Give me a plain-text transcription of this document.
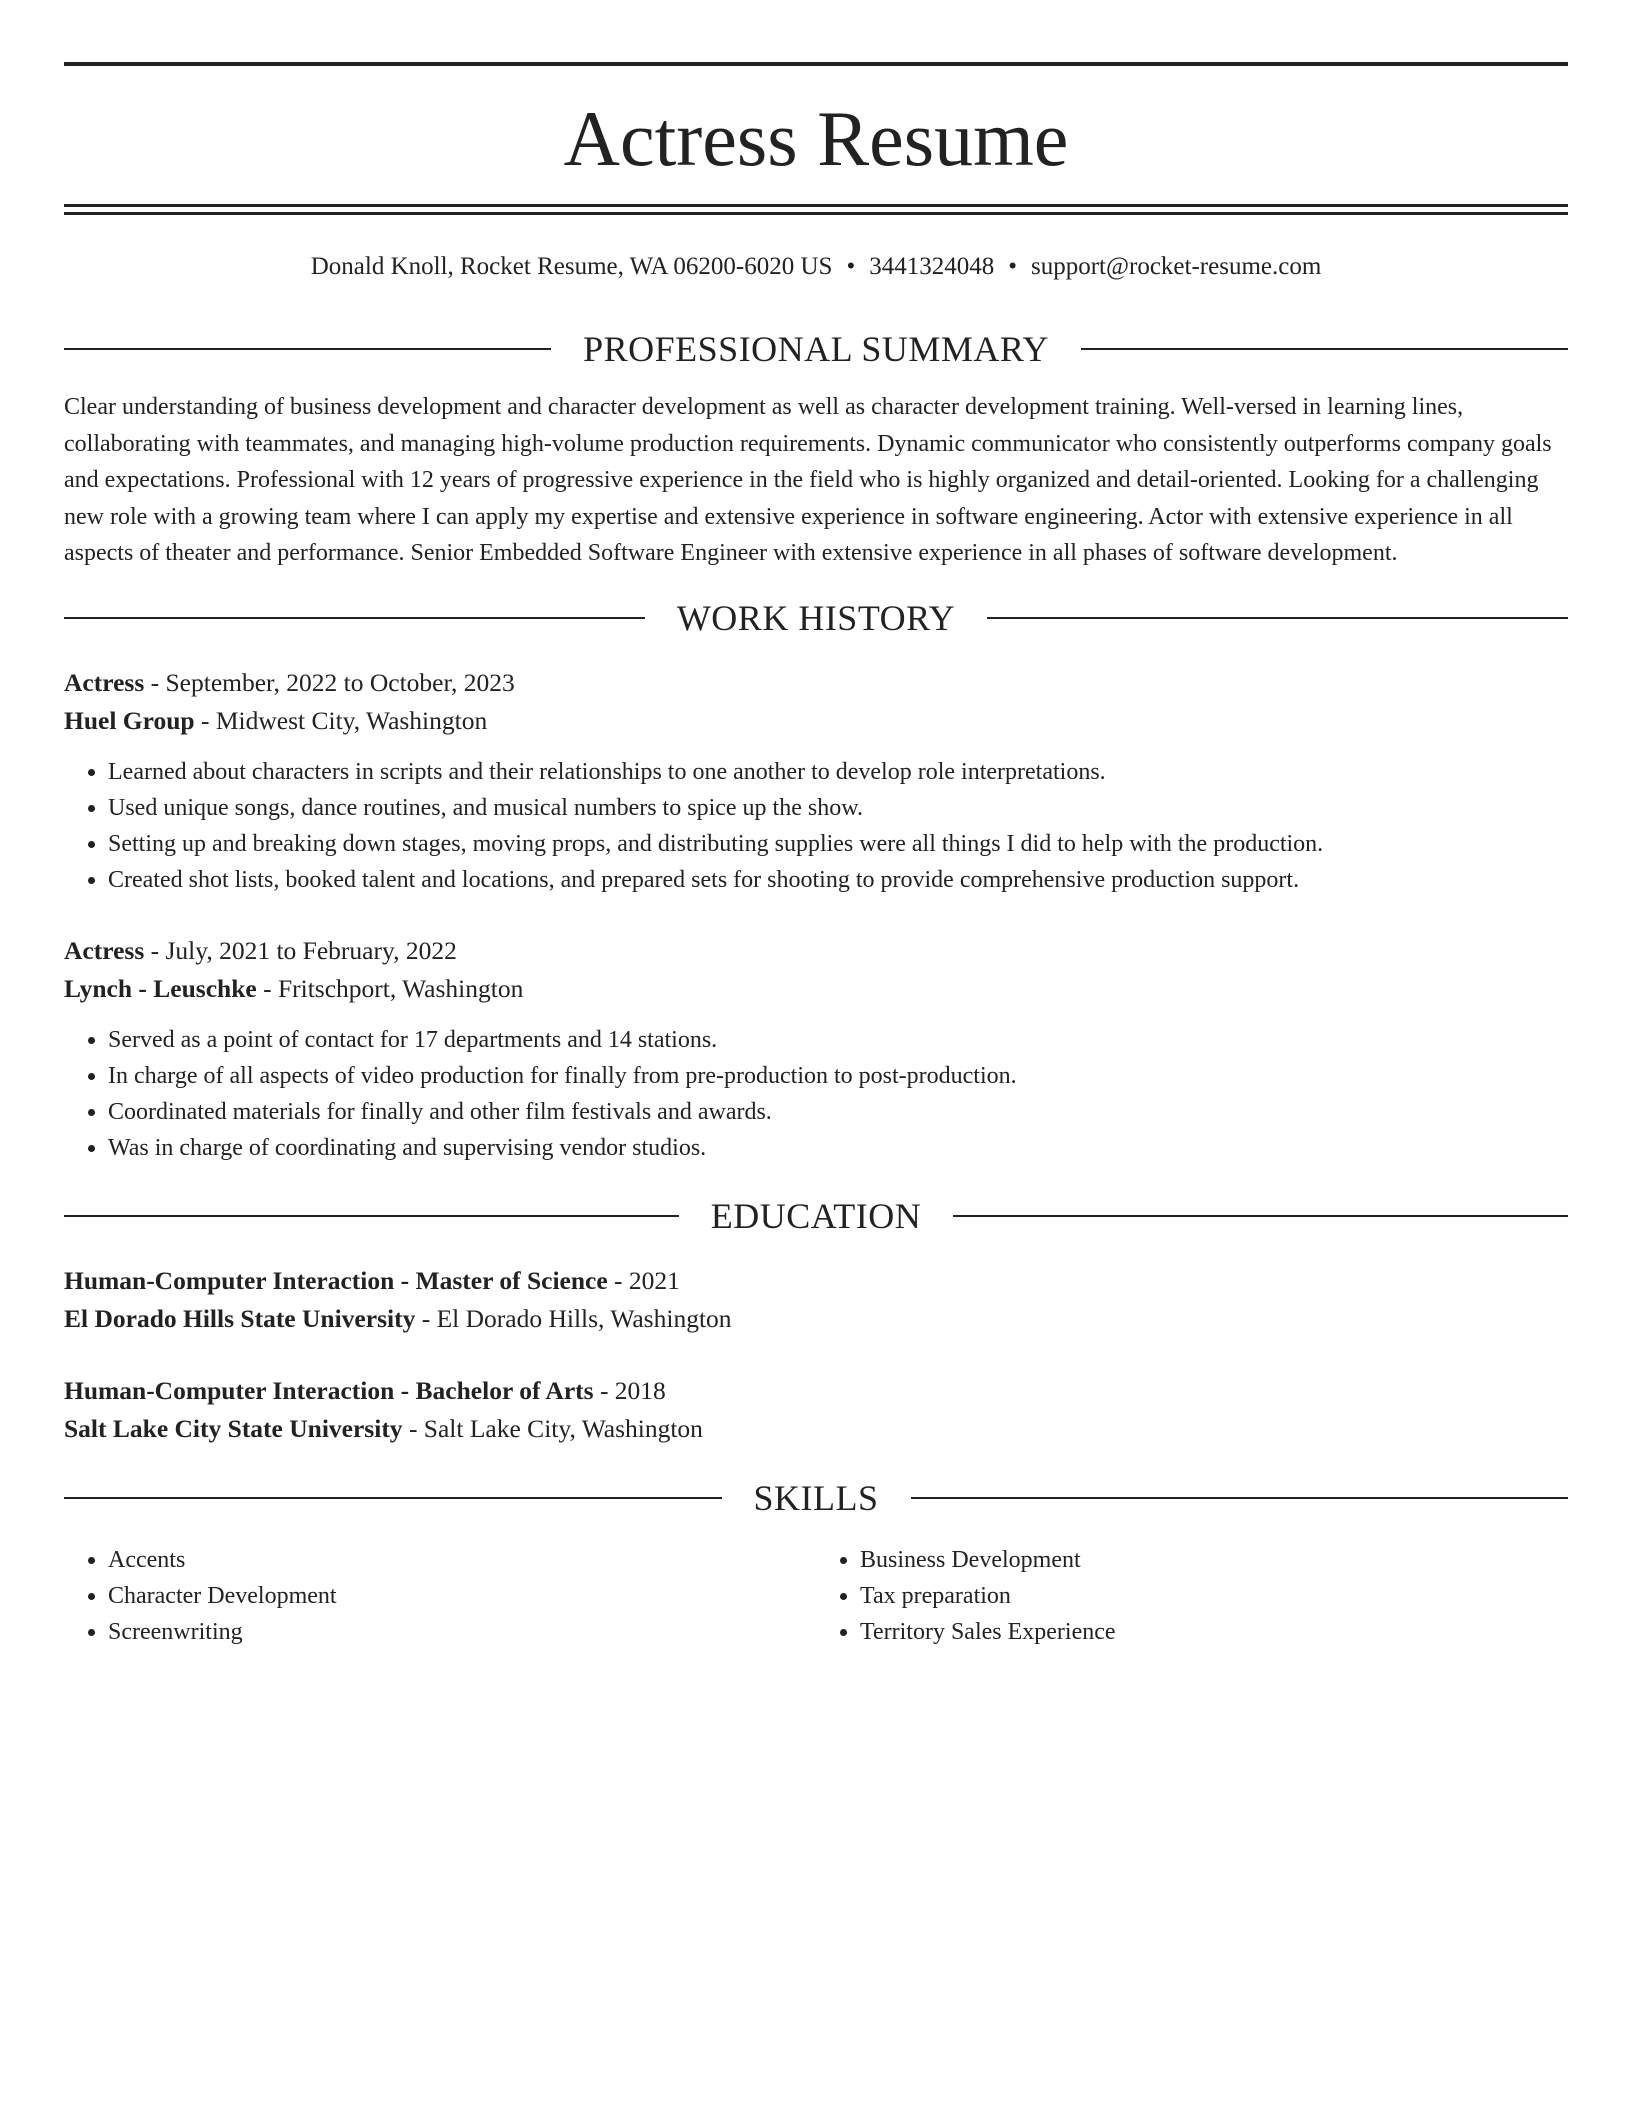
Actress Resume
Donald Knoll, Rocket Resume, WA 06200-6020 US • 3441324048 • support@rocket-resume.com
PROFESSIONAL SUMMARY
Clear understanding of business development and character development as well as character development training. Well-versed in learning lines, collaborating with teammates, and managing high-volume production requirements. Dynamic communicator who consistently outperforms company goals and expectations. Professional with 12 years of progressive experience in the field who is highly organized and detail-oriented. Looking for a challenging new role with a growing team where I can apply my expertise and extensive experience in software engineering. Actor with extensive experience in all aspects of theater and performance. Senior Embedded Software Engineer with extensive experience in all phases of software development.
WORK HISTORY
Actress - September, 2022 to October, 2023
Huel Group - Midwest City, Washington
• Learned about characters in scripts and their relationships to one another to develop role interpretations.
• Used unique songs, dance routines, and musical numbers to spice up the show.
• Setting up and breaking down stages, moving props, and distributing supplies were all things I did to help with the production.
• Created shot lists, booked talent and locations, and prepared sets for shooting to provide comprehensive production support.
Actress - July, 2021 to February, 2022
Lynch - Leuschke - Fritschport, Washington
• Served as a point of contact for 17 departments and 14 stations.
• In charge of all aspects of video production for finally from pre-production to post-production.
• Coordinated materials for finally and other film festivals and awards.
• Was in charge of coordinating and supervising vendor studios.
EDUCATION
Human-Computer Interaction - Master of Science - 2021
El Dorado Hills State University - El Dorado Hills, Washington
Human-Computer Interaction - Bachelor of Arts - 2018
Salt Lake City State University - Salt Lake City, Washington
SKILLS
• Accents
• Character Development
• Screenwriting
• Business Development
• Tax preparation
• Territory Sales Experience
